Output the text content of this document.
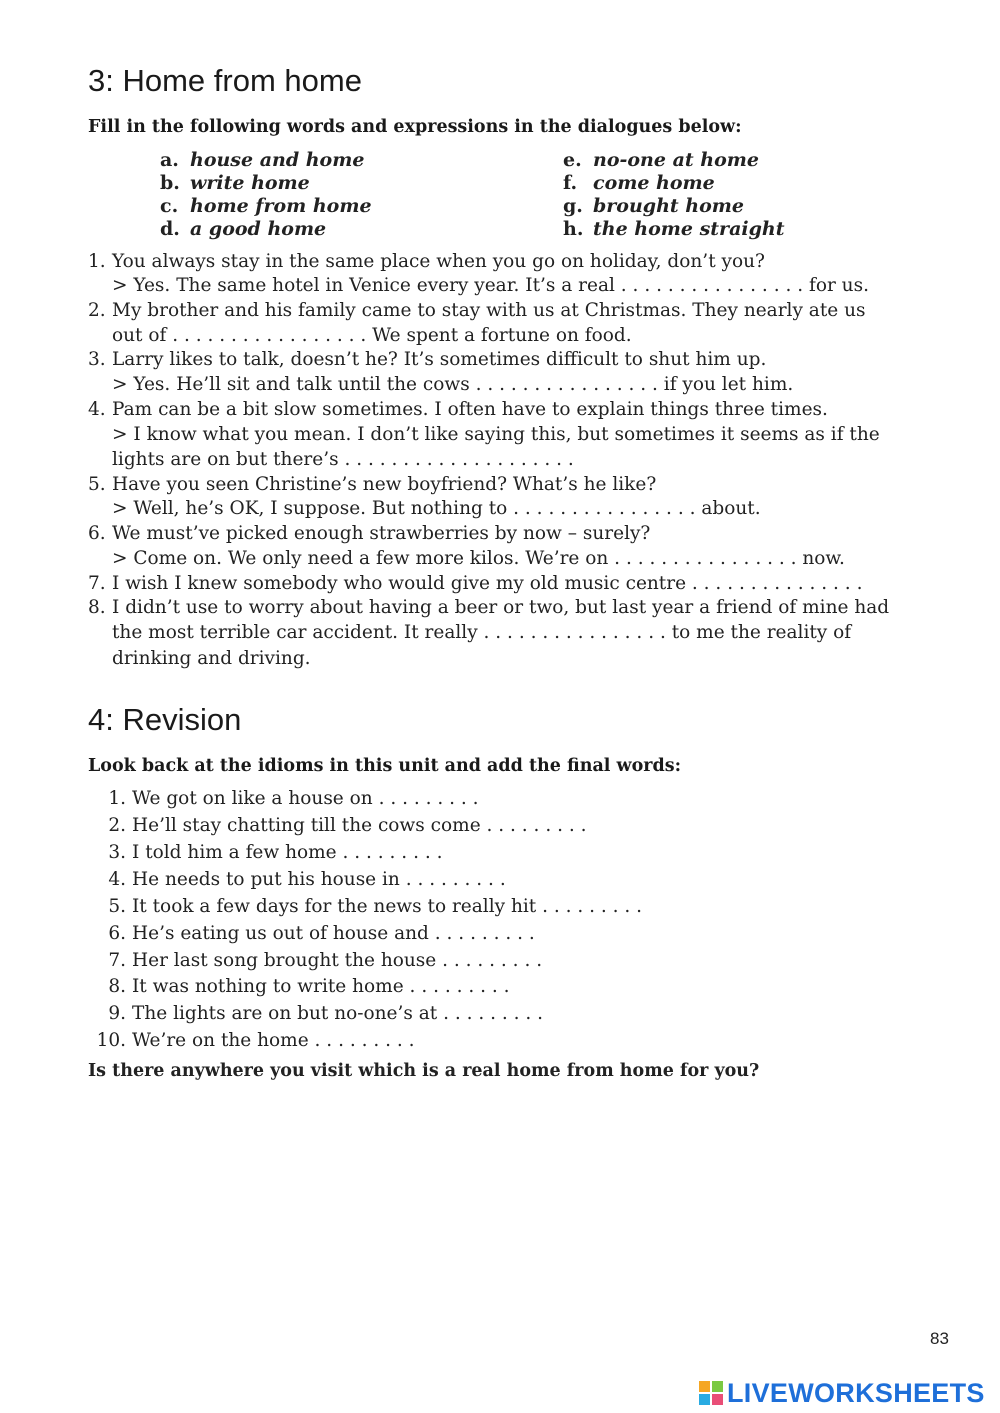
3: Home from home

Fill in the following words and expressions in the dialogues below:

a. house and home
b. write home
c. home from home
d. a good home
e. no-one at home
f. come home
g. brought home
h. the home straight
1. You always stay in the same place when you go on holiday, don’t you?
> Yes. The same hotel in Venice every year. It’s a real . . . . . . . . . . . . . . . . for us.
2. My brother and his family came to stay with us at Christmas. They nearly ate us
out of . . . . . . . . . . . . . . . . . We spent a fortune on food.
3. Larry likes to talk, doesn’t he? It’s sometimes difficult to shut him up.
> Yes. He’ll sit and talk until the cows . . . . . . . . . . . . . . . . if you let him.
4. Pam can be a bit slow sometimes. I often have to explain things three times.
> I know what you mean. I don’t like saying this, but sometimes it seems as if the
lights are on but there’s . . . . . . . . . . . . . . . . . . . .
5. Have you seen Christine’s new boyfriend? What’s he like?
> Well, he’s OK, I suppose. But nothing to . . . . . . . . . . . . . . . . about.
6. We must’ve picked enough strawberries by now – surely?
> Come on. We only need a few more kilos. We’re on . . . . . . . . . . . . . . . . now.
7. I wish I knew somebody who would give my old music centre . . . . . . . . . . . . . . .
8. I didn’t use to worry about having a beer or two, but last year a friend of mine had
the most terrible car accident. It really . . . . . . . . . . . . . . . . to me the reality of
drinking and driving.
4: Revision

Look back at the idioms in this unit and add the final words:

1. We got on like a house on . . . . . . . . .
2. He’ll stay chatting till the cows come . . . . . . . . .
3. I told him a few home . . . . . . . . .
4. He needs to put his house in . . . . . . . . .
5. It took a few days for the news to really hit . . . . . . . . .
6. He’s eating us out of house and . . . . . . . . .
7. Her last song brought the house . . . . . . . . .
8. It was nothing to write home . . . . . . . . .
9. The lights are on but no-one’s at . . . . . . . . .
10. We’re on the home . . . . . . . . .

Is there anywhere you visit which is a real home from home for you?

83
LIVEWORKSHEETS
